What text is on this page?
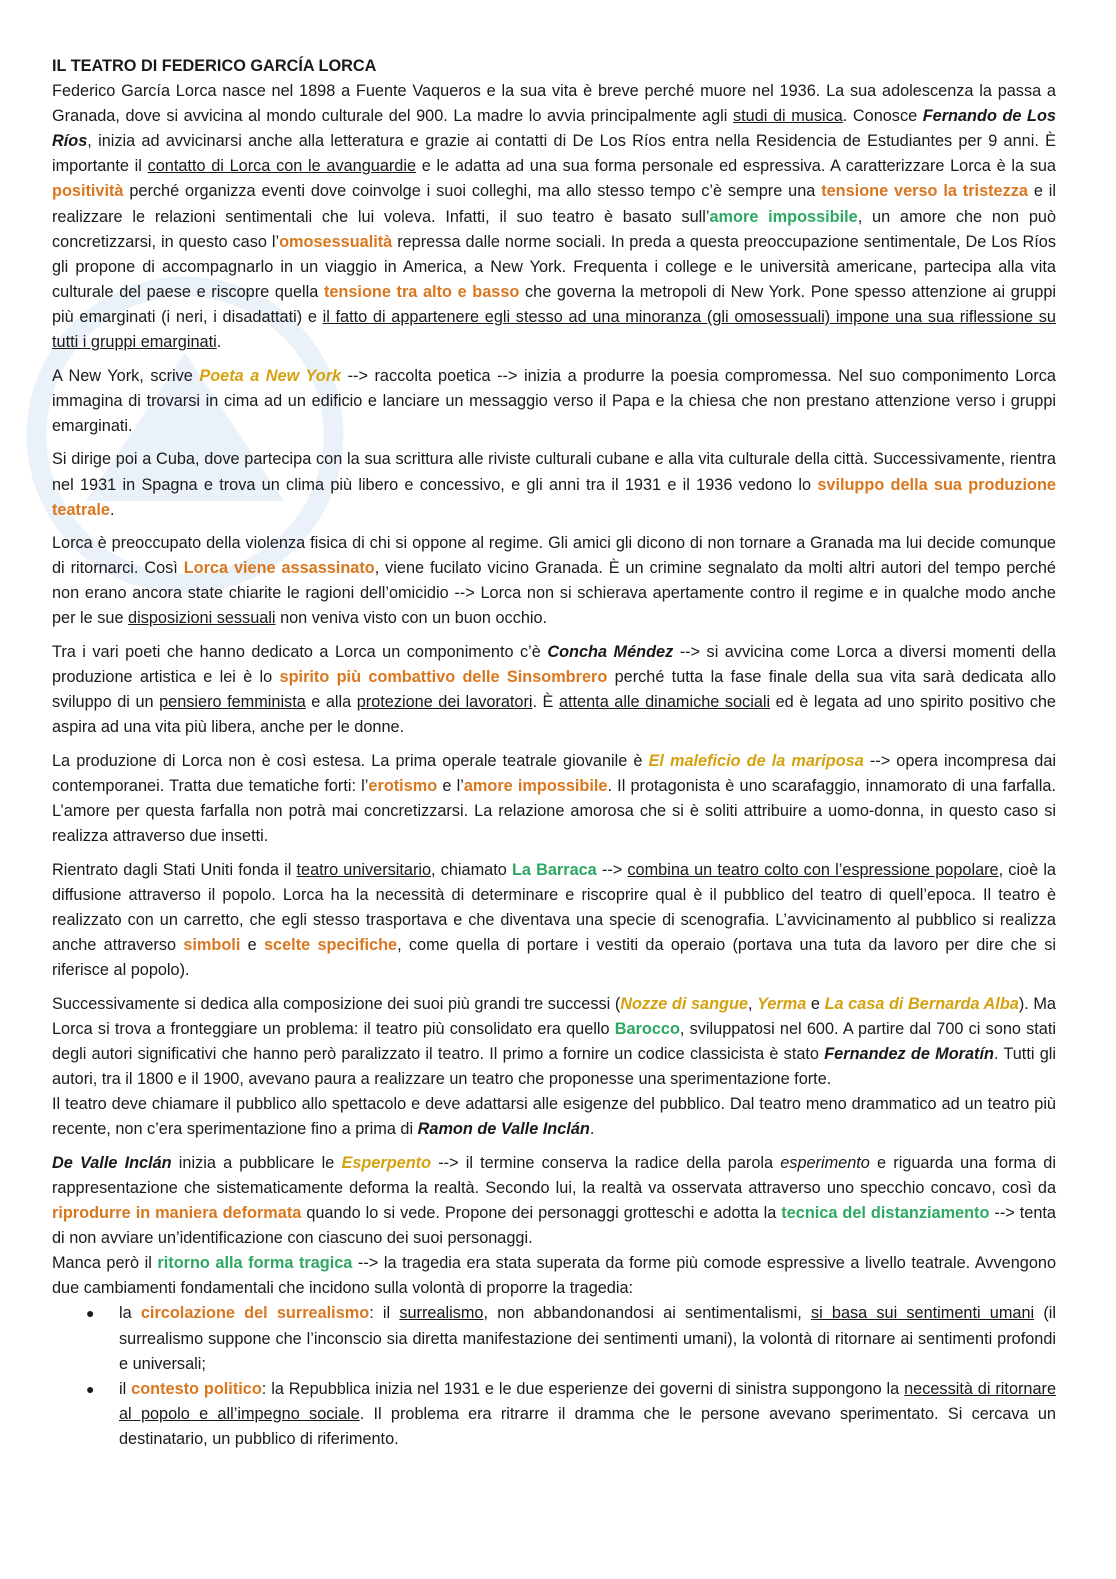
IL TEATRO DI FEDERICO GARCÍA LORCA

Federico García Lorca nasce nel 1898 a Fuente Vaqueros e la sua vita è breve perché muore nel 1936. La sua adolescenza la passa a Granada, dove si avvicina al mondo culturale del 900. La madre lo avvia principalmente agli studi di musica. Conosce Fernando de Los Ríos, inizia ad avvicinarsi anche alla letteratura e grazie ai contatti di De Los Ríos entra nella Residencia de Estudiantes per 9 anni. È importante il contatto di Lorca con le avanguardie e le adatta ad una sua forma personale ed espressiva. A caratterizzare Lorca è la sua positività perché organizza eventi dove coinvolge i suoi colleghi, ma allo stesso tempo c’è sempre una tensione verso la tristezza e il realizzare le relazioni sentimentali che lui voleva. Infatti, il suo teatro è basato sull’amore impossibile, un amore che non può concretizzarsi, in questo caso l’omosessualità repressa dalle norme sociali. In preda a questa preoccupazione sentimentale, De Los Ríos gli propone di accompagnarlo in un viaggio in America, a New York. Frequenta i college e le università americane, partecipa alla vita culturale del paese e riscopre quella tensione tra alto e basso che governa la metropoli di New York. Pone spesso attenzione ai gruppi più emarginati (i neri, i disadattati) e il fatto di appartenere egli stesso ad una minoranza (gli omosessuali) impone una sua riflessione su tutti i gruppi emarginati.

A New York, scrive Poeta a New York --> raccolta poetica --> inizia a produrre la poesia compromessa. Nel suo componimento Lorca immagina di trovarsi in cima ad un edificio e lanciare un messaggio verso il Papa e la chiesa che non prestano attenzione verso i gruppi emarginati.

Si dirige poi a Cuba, dove partecipa con la sua scrittura alle riviste culturali cubane e alla vita culturale della città. Successivamente, rientra nel 1931 in Spagna e trova un clima più libero e concessivo, e gli anni tra il 1931 e il 1936 vedono lo sviluppo della sua produzione teatrale.

Lorca è preoccupato della violenza fisica di chi si oppone al regime. Gli amici gli dicono di non tornare a Granada ma lui decide comunque di ritornarci. Così Lorca viene assassinato, viene fucilato vicino Granada. È un crimine segnalato da molti altri autori del tempo perché non erano ancora state chiarite le ragioni dell’omicidio --> Lorca non si schierava apertamente contro il regime e in qualche modo anche per le sue disposizioni sessuali non veniva visto con un buon occhio.

Tra i vari poeti che hanno dedicato a Lorca un componimento c’è Concha Méndez --> si avvicina come Lorca a diversi momenti della produzione artistica e lei è lo spirito più combattivo delle Sinsombrero perché tutta la fase finale della sua vita sarà dedicata allo sviluppo di un pensiero femminista e alla protezione dei lavoratori. È attenta alle dinamiche sociali ed è legata ad uno spirito positivo che aspira ad una vita più libera, anche per le donne.

La produzione di Lorca non è così estesa. La prima operale teatrale giovanile è El maleficio de la mariposa --> opera incompresa dai contemporanei. Tratta due tematiche forti: l’erotismo e l’amore impossibile. Il protagonista è uno scarafaggio, innamorato di una farfalla. L’amore per questa farfalla non potrà mai concretizzarsi. La relazione amorosa che si è soliti attribuire a uomo-donna, in questo caso si realizza attraverso due insetti.

Rientrato dagli Stati Uniti fonda il teatro universitario, chiamato La Barraca --> combina un teatro colto con l’espressione popolare, cioè la diffusione attraverso il popolo. Lorca ha la necessità di determinare e riscoprire qual è il pubblico del teatro di quell’epoca. Il teatro è realizzato con un carretto, che egli stesso trasportava e che diventava una specie di scenografia. L’avvicinamento al pubblico si realizza anche attraverso simboli e scelte specifiche, come quella di portare i vestiti da operaio (portava una tuta da lavoro per dire che si riferisce al popolo).

Successivamente si dedica alla composizione dei suoi più grandi tre successi (Nozze di sangue, Yerma e La casa di Bernarda Alba). Ma Lorca si trova a fronteggiare un problema: il teatro più consolidato era quello Barocco, sviluppatosi nel 600. A partire dal 700 ci sono stati degli autori significativi che hanno però paralizzato il teatro. Il primo a fornire un codice classicista è stato Fernandez de Moratín. Tutti gli autori, tra il 1800 e il 1900, avevano paura a realizzare un teatro che proponesse una sperimentazione forte.

Il teatro deve chiamare il pubblico allo spettacolo e deve adattarsi alle esigenze del pubblico. Dal teatro meno drammatico ad un teatro più recente, non c’era sperimentazione fino a prima di Ramon de Valle Inclán.

De Valle Inclán inizia a pubblicare le Esperpento --> il termine conserva la radice della parola esperimento e riguarda una forma di rappresentazione che sistematicamente deforma la realtà. Secondo lui, la realtà va osservata attraverso uno specchio concavo, così da riprodurre in maniera deformata quando lo si vede. Propone dei personaggi grotteschi e adotta la tecnica del distanziamento --> tenta di non avviare un’identificazione con ciascuno dei suoi personaggi.

Manca però il ritorno alla forma tragica --> la tragedia era stata superata da forme più comode espressive a livello teatrale. Avvengono due cambiamenti fondamentali che incidono sulla volontà di proporre la tragedia:

● la circolazione del surrealismo: il surrealismo, non abbandonandosi ai sentimentalismi, si basa sui sentimenti umani (il surrealismo suppone che l’inconscio sia diretta manifestazione dei sentimenti umani), la volontà di ritornare ai sentimenti profondi e universali;
● il contesto politico: la Repubblica inizia nel 1931 e le due esperienze dei governi di sinistra suppongono la necessità di ritornare al popolo e all’impegno sociale. Il problema era ritrarre il dramma che le persone avevano sperimentato. Si cercava un destinatario, un pubblico di riferimento.
